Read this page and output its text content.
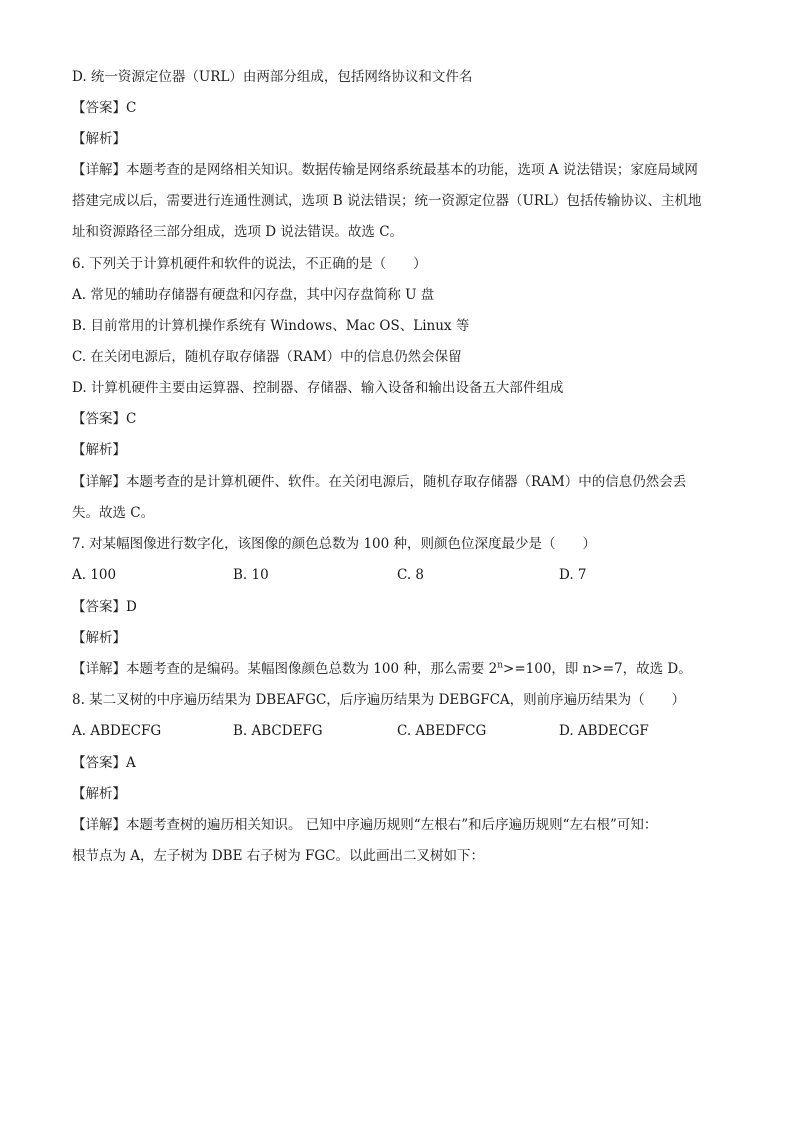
D. 统一资源定位器（URL）由两部分组成，包括网络协议和文件名
【答案】C
【解析】
【详解】本题考查的是网络相关知识。数据传输是网络系统最基本的功能，选项 A 说法错误；家庭局域网
搭建完成以后，需要进行连通性测试，选项 B 说法错误；统一资源定位器（URL）包括传输协议、主机地
址和资源路径三部分组成，选项 D 说法错误。故选 C。
6. 下列关于计算机硬件和软件的说法，不正确的是（　　）
A. 常见的辅助存储器有硬盘和闪存盘，其中闪存盘简称 U 盘
B. 目前常用的计算机操作系统有 Windows、Mac OS、Linux 等
C. 在关闭电源后，随机存取存储器（RAM）中的信息仍然会保留
D. 计算机硬件主要由运算器、控制器、存储器、输入设备和输出设备五大部件组成
【答案】C
【解析】
【详解】本题考查的是计算机硬件、软件。在关闭电源后，随机存取存储器（RAM）中的信息仍然会丢
失。故选 C。
7. 对某幅图像进行数字化，该图像的颜色总数为 100 种，则颜色位深度最少是（　　）
A. 100	B. 10	C. 8	D. 7
【答案】D
【解析】
【详解】本题考查的是编码。某幅图像颜色总数为 100 种，那么需要 $2^n>=100$，即 n>=7，故选 D。
8. 某二叉树的中序遍历结果为 DBEAFGC，后序遍历结果为 DEBGFCA，则前序遍历结果为（　　）
A. ABDECFG	B. ABCDEFG	C. ABEDFCG	D. ABDECGF
【答案】A
【解析】
【详解】本题考查树的遍历相关知识。 已知中序遍历规则“左根右”和后序遍历规则“左右根”可知：
根节点为 A，左子树为 DBE 右子树为 FGC。以此画出二叉树如下：
